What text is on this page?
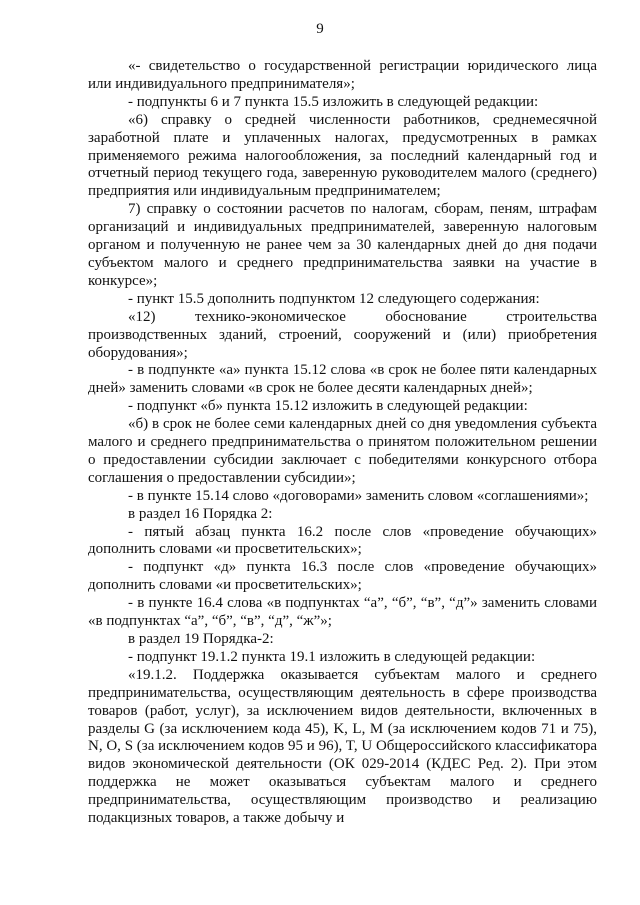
9

«- свидетельство о государственной регистрации юридического лица или индивидуального предпринимателя»;

- подпункты 6 и 7 пункта 15.5 изложить в следующей редакции:

«6) справку о средней численности работников, среднемесячной заработной плате и уплаченных налогах, предусмотренных в рамках применяемого режима налогообложения, за последний календарный год и отчетный период текущего года, заверенную руководителем малого (среднего) предприятия или индивидуальным предпринимателем;

7) справку о состоянии расчетов по налогам, сборам, пеням, штрафам организаций и индивидуальных предпринимателей, заверенную налоговым органом и полученную не ранее чем за 30 календарных дней до дня подачи субъектом малого и среднего предпринимательства заявки на участие в конкурсе»;

- пункт 15.5 дополнить подпунктом 12 следующего содержания:

«12) технико-экономическое обоснование строительства производственных зданий, строений, сооружений и (или) приобретения оборудования»;

- в подпункте «а» пункта 15.12 слова «в срок не более пяти календарных дней» заменить словами «в срок не более десяти календарных дней»;

- подпункт «б» пункта 15.12 изложить в следующей редакции:

«б) в срок не более семи календарных дней со дня уведомления субъекта малого и среднего предпринимательства о принятом положительном решении о предоставлении субсидии заключает с победителями конкурсного отбора соглашения о предоставлении субсидии»;

- в пункте 15.14 слово «договорами» заменить словом «соглашениями»;

в раздел 16 Порядка 2:

- пятый абзац пункта 16.2 после слов «проведение обучающих» дополнить словами «и просветительских»;

- подпункт «д» пункта 16.3 после слов «проведение обучающих» дополнить словами «и просветительских»;

- в пункте 16.4 слова «в подпунктах “а”, “б”, “в”, “д”» заменить словами «в подпунктах “а”, “б”, “в”, “д”, “ж”»;

в раздел 19 Порядка-2:

- подпункт 19.1.2 пункта 19.1 изложить в следующей редакции:

«19.1.2. Поддержка оказывается субъектам малого и среднего предпринимательства, осуществляющим деятельность в сфере производства товаров (работ, услуг), за исключением видов деятельности, включенных в разделы G (за исключением кода 45), K, L, M (за исключением кодов 71 и 75), N, O, S (за исключением кодов 95 и 96), T, U Общероссийского классификатора видов экономической деятельности (ОК 029-2014 (КДЕС Ред. 2). При этом поддержка не может оказываться субъектам малого и среднего предпринимательства, осуществляющим производство и реализацию подакцизных товаров, а также добычу и
